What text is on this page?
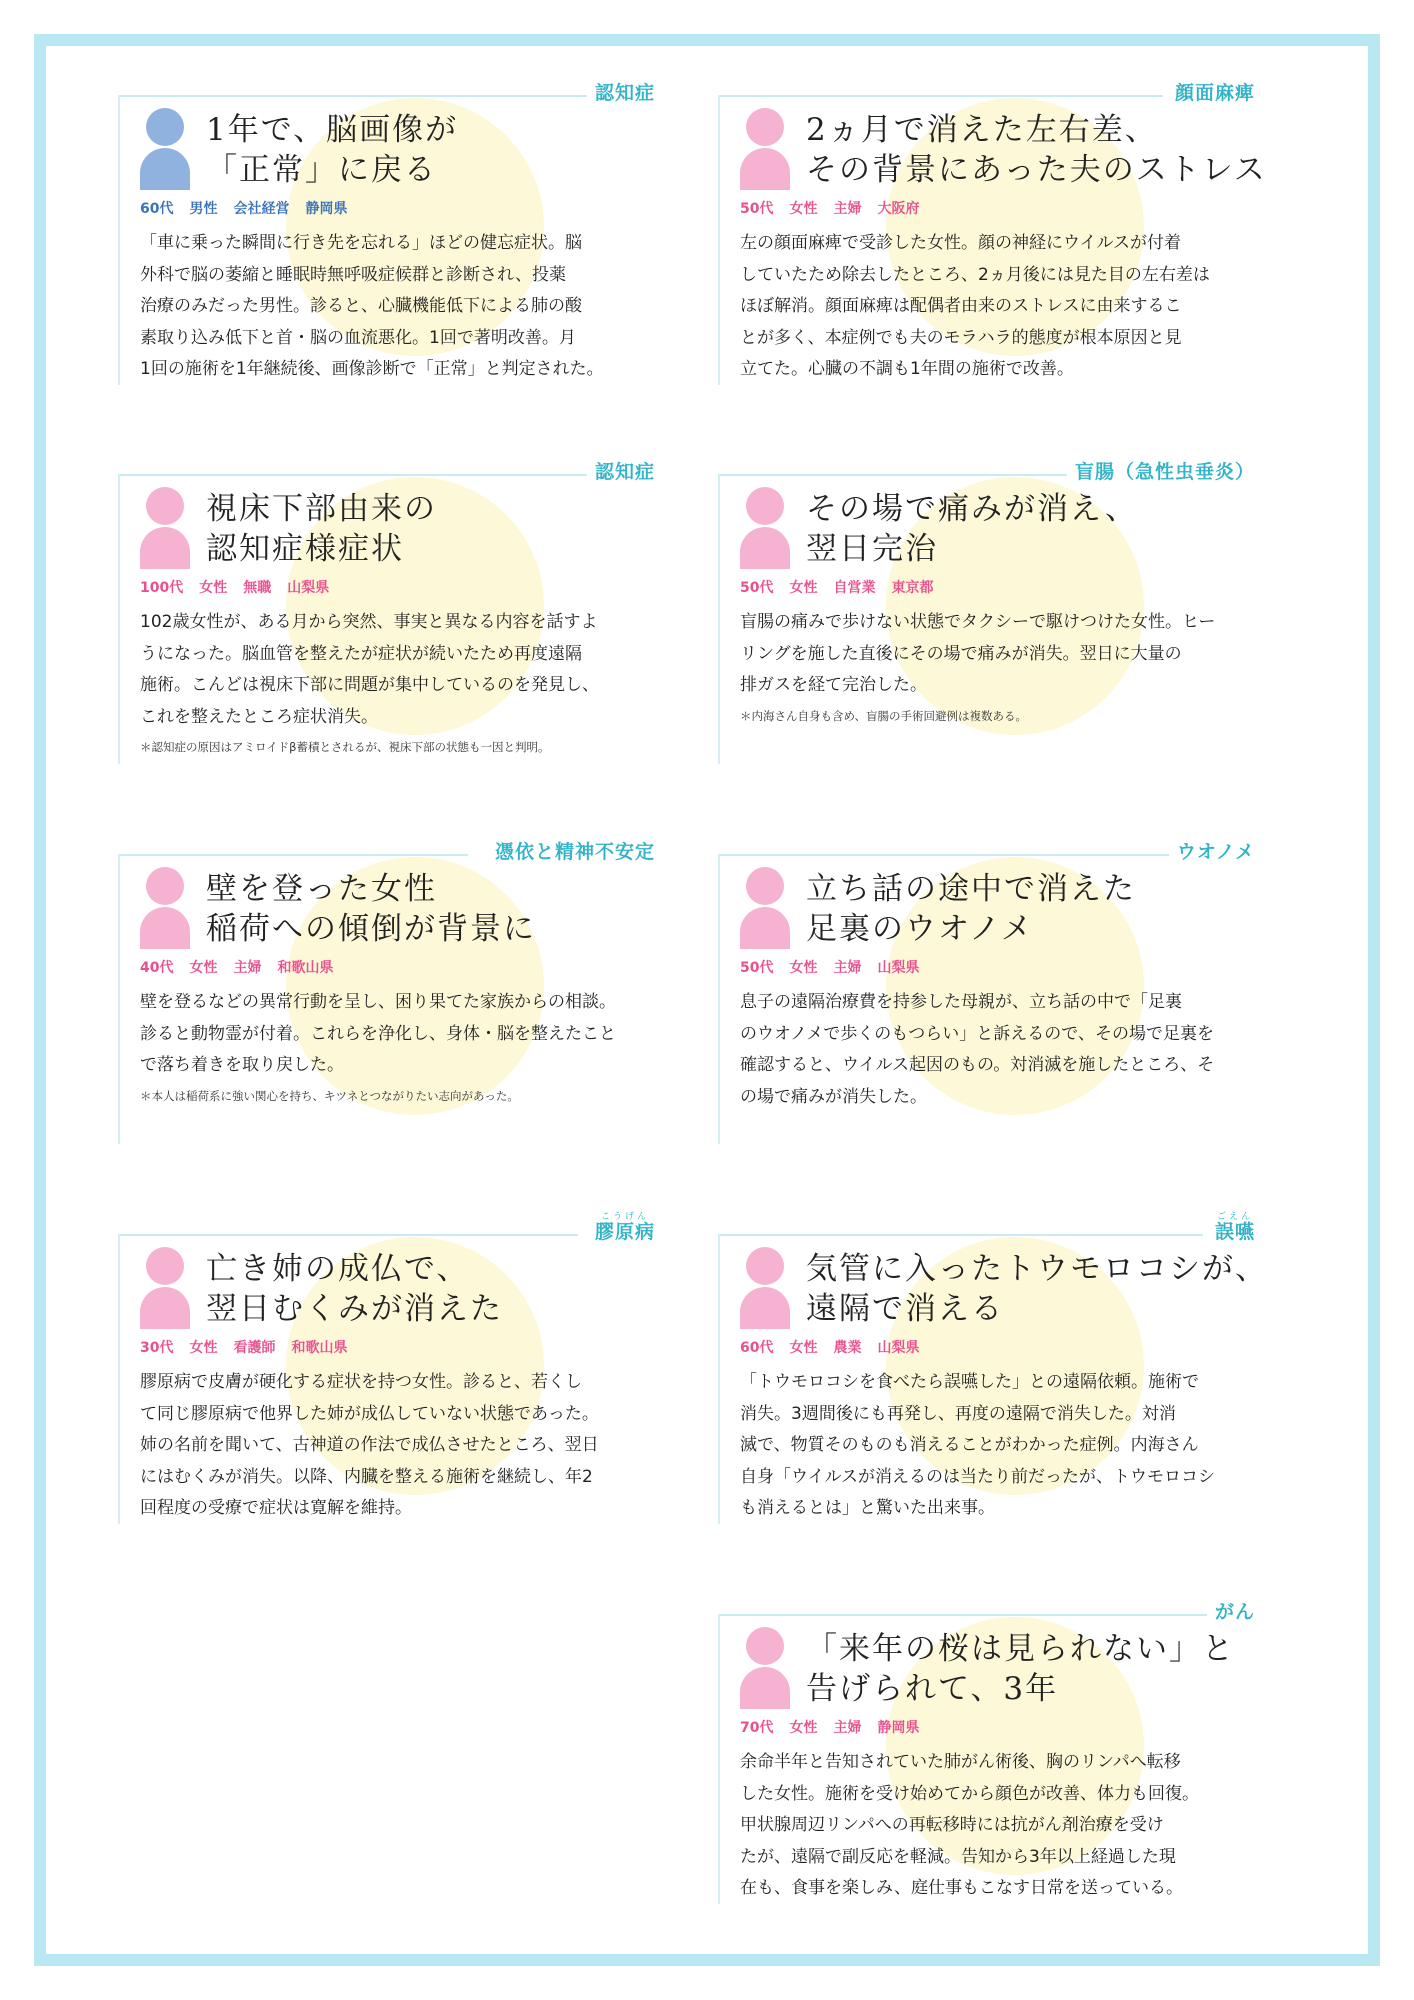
認知症
1年で、脳画像が
「正常」に戻る
60代 男性 会社経営 静岡県
「車に乗った瞬間に行き先を忘れる」ほどの健忘症状。脳
外科で脳の萎縮と睡眠時無呼吸症候群と診断され、投薬
治療のみだった男性。診ると、心臓機能低下による肺の酸
素取り込み低下と首・脳の血流悪化。1回で著明改善。月
1回の施術を1年継続後、画像診断で「正常」と判定された。
顔面麻痺
2ヵ月で消えた左右差、
その背景にあった夫のストレス
50代 女性 主婦 大阪府
左の顔面麻痺で受診した女性。顔の神経にウイルスが付着
していたため除去したところ、2ヵ月後には見た目の左右差は
ほぼ解消。顔面麻痺は配偶者由来のストレスに由来するこ
とが多く、本症例でも夫のモラハラ的態度が根本原因と見
立てた。心臓の不調も1年間の施術で改善。
認知症
視床下部由来の
認知症様症状
100代 女性 無職 山梨県
102歳女性が、ある月から突然、事実と異なる内容を話すよ
うになった。脳血管を整えたが症状が続いたため再度遠隔
施術。こんどは視床下部に問題が集中しているのを発見し、
これを整えたところ症状消失。
＊認知症の原因はアミロイドβ蓄積とされるが、視床下部の状態も一因と判明。
盲腸（急性虫垂炎）
その場で痛みが消え、
翌日完治
50代 女性 自営業 東京都
盲腸の痛みで歩けない状態でタクシーで駆けつけた女性。ヒー
リングを施した直後にその場で痛みが消失。翌日に大量の
排ガスを経て完治した。
＊内海さん自身も含め、盲腸の手術回避例は複数ある。
憑依と精神不安定
壁を登った女性
稲荷への傾倒が背景に
40代 女性 主婦 和歌山県
壁を登るなどの異常行動を呈し、困り果てた家族からの相談。
診ると動物霊が付着。これらを浄化し、身体・脳を整えたこと
で落ち着きを取り戻した。
＊本人は稲荷系に強い関心を持ち、キツネとつながりたい志向があった。
ウオノメ
立ち話の途中で消えた
足裏のウオノメ
50代 女性 主婦 山梨県
息子の遠隔治療費を持参した母親が、立ち話の中で「足裏
のウオノメで歩くのもつらい」と訴えるので、その場で足裏を
確認すると、ウイルス起因のもの。対消滅を施したところ、そ
の場で痛みが消失した。
膠原病
こうげん
亡き姉の成仏で、
翌日むくみが消えた
30代 女性 看護師 和歌山県
膠原病で皮膚が硬化する症状を持つ女性。診ると、若くし
て同じ膠原病で他界した姉が成仏していない状態であった。
姉の名前を聞いて、古神道の作法で成仏させたところ、翌日
にはむくみが消失。以降、内臓を整える施術を継続し、年2
回程度の受療で症状は寛解を維持。
誤嚥
ごえん
気管に入ったトウモロコシが、
遠隔で消える
60代 女性 農業 山梨県
「トウモロコシを食べたら誤嚥した」との遠隔依頼。施術で
消失。3週間後にも再発し、再度の遠隔で消失した。対消
滅で、物質そのものも消えることがわかった症例。内海さん
自身「ウイルスが消えるのは当たり前だったが、トウモロコシ
も消えるとは」と驚いた出来事。
がん
「来年の桜は見られない」と
告げられて、3年
70代 女性 主婦 静岡県
余命半年と告知されていた肺がん術後、胸のリンパへ転移
した女性。施術を受け始めてから顔色が改善、体力も回復。
甲状腺周辺リンパへの再転移時には抗がん剤治療を受け
たが、遠隔で副反応を軽減。告知から3年以上経過した現
在も、食事を楽しみ、庭仕事もこなす日常を送っている。
